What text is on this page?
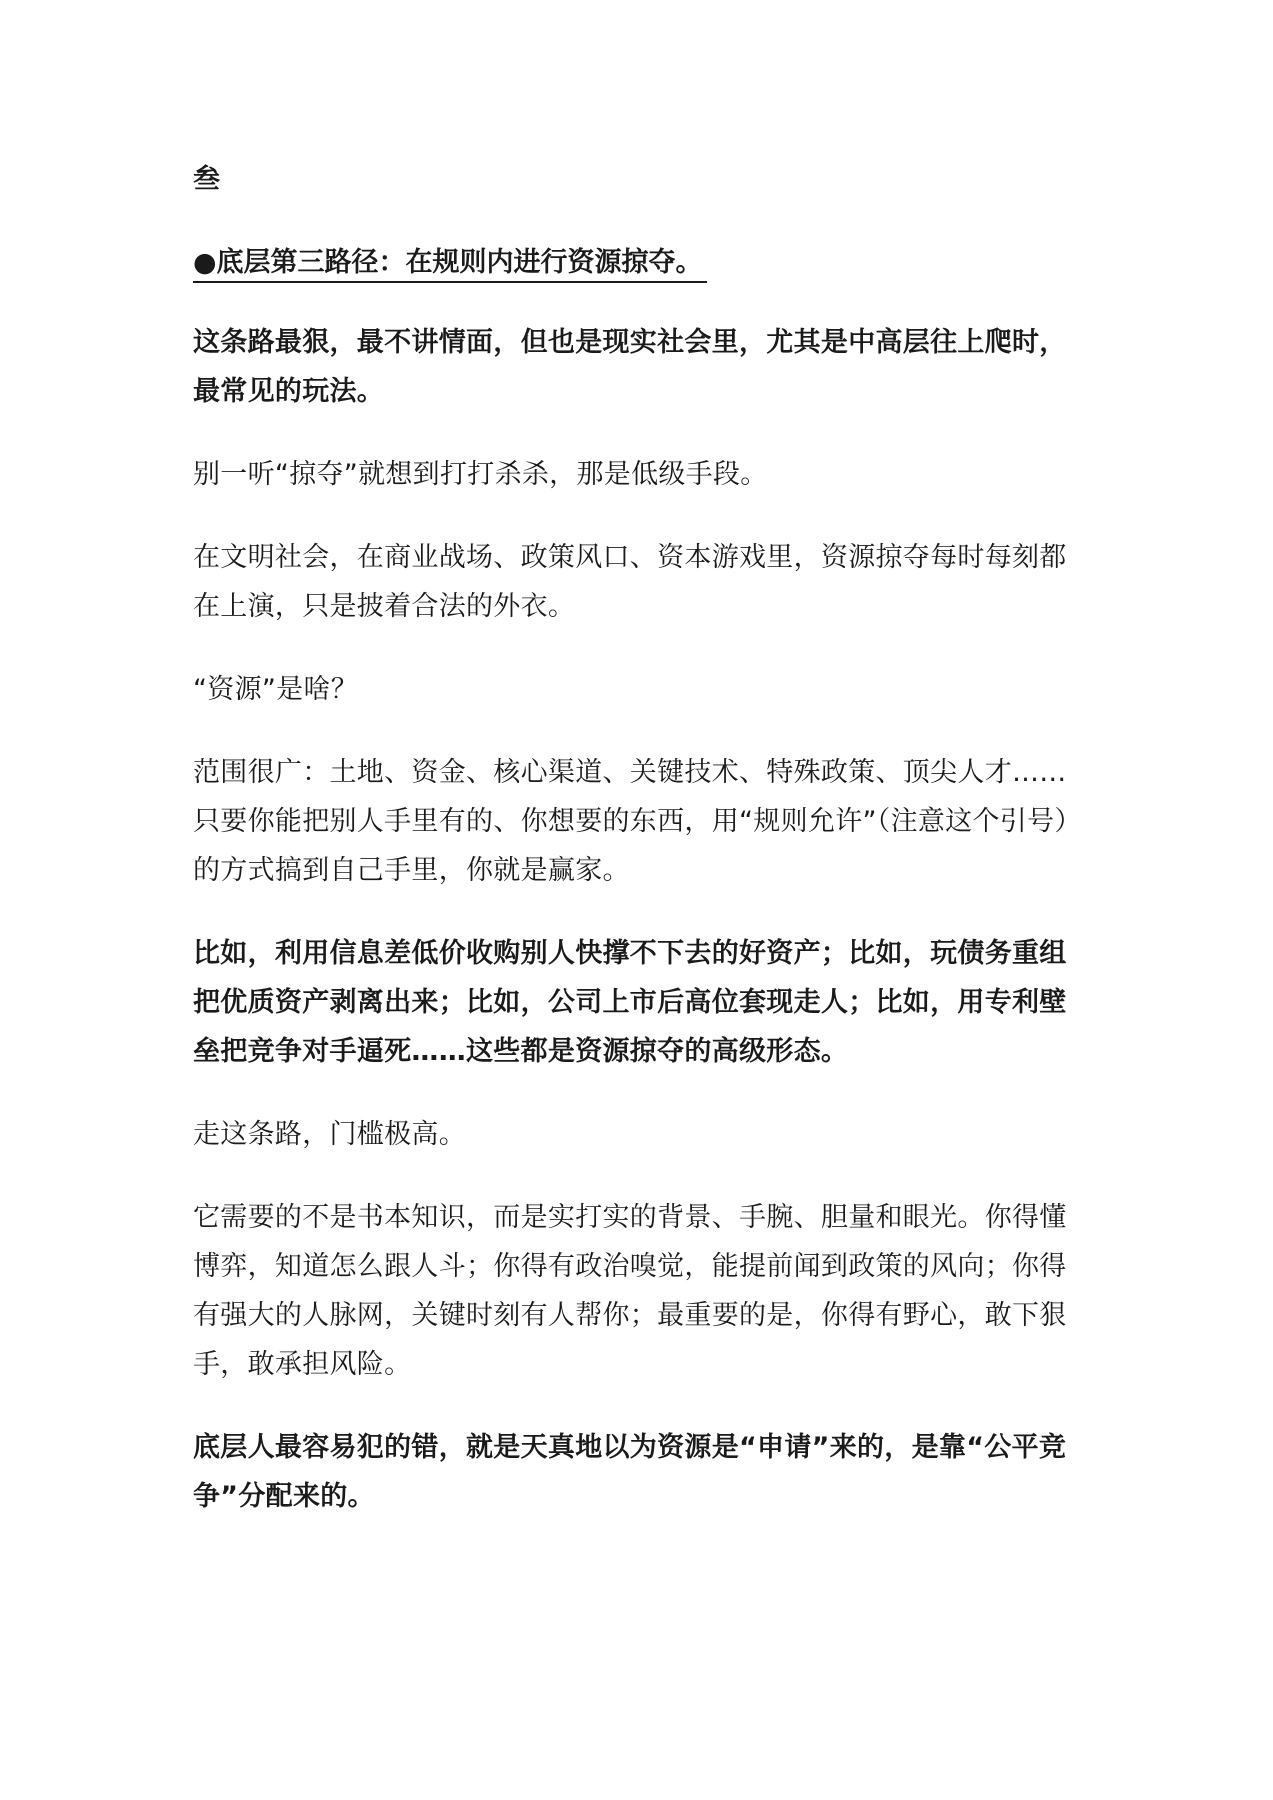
叁
●底层第三路径：在规则内进行资源掠夺。

这条路最狠，最不讲情面，但也是现实社会里，尤其是中高层往上爬时，最常见的玩法。

别一听“掠夺”就想到打打杀杀，那是低级手段。

在文明社会，在商业战场、政策风口、资本游戏里，资源掠夺每时每刻都在上演，只是披着合法的外衣。

“资源”是啥？

范围很广：土地、资金、核心渠道、关键技术、特殊政策、顶尖人才……只要你能把别人手里有的、你想要的东西，用“规则允许”（注意这个引号）的方式搞到自己手里，你就是赢家。

比如，利用信息差低价收购别人快撑不下去的好资产；比如，玩债务重组把优质资产剥离出来；比如，公司上市后高位套现走人；比如，用专利壁垒把竞争对手逼死……这些都是资源掠夺的高级形态。

走这条路，门槛极高。

它需要的不是书本知识，而是实打实的背景、手腕、胆量和眼光。你得懂博弈，知道怎么跟人斗；你得有政治嗅觉，能提前闻到政策的风向；你得有强大的人脉网，关键时刻有人帮你；最重要的是，你得有野心，敢下狠手，敢承担风险。

底层人最容易犯的错，就是天真地以为资源是“申请”来的，是靠“公平竞争”分配来的。
